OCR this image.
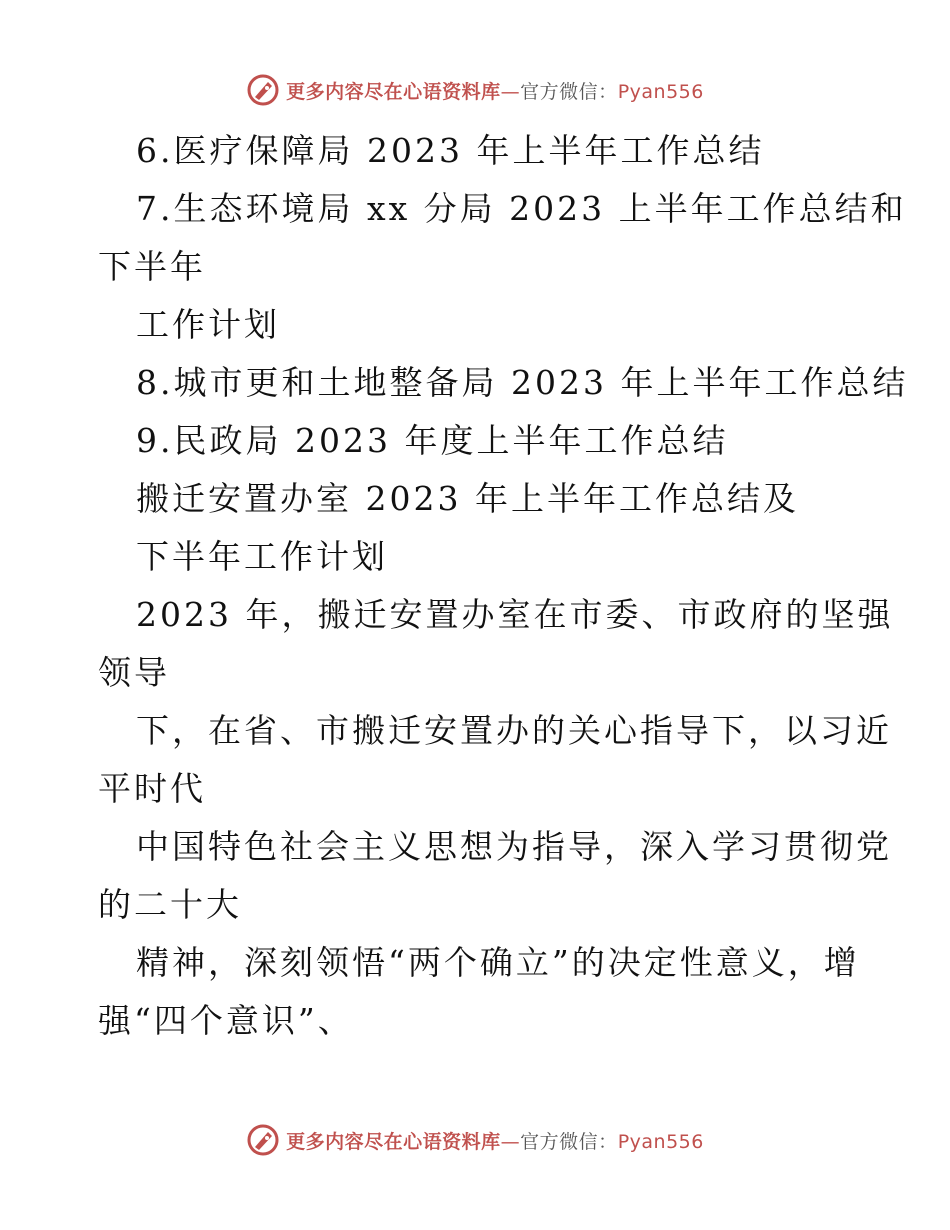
更多内容尽在心语资料库—官方微信：Pyan556
6.医疗保障局 2023 年上半年工作总结
7.生态环境局 xx 分局 2023 上半年工作总结和
下半年
工作计划
8.城市更和土地整备局 2023 年上半年工作总结
9.民政局 2023 年度上半年工作总结
搬迁安置办室 2023 年上半年工作总结及
下半年工作计划
2023 年，搬迁安置办室在市委、市政府的坚强
领导
下，在省、市搬迁安置办的关心指导下，以习近
平时代
中国特色社会主义思想为指导，深入学习贯彻党
的二十大
精神，深刻领悟“两个确立”的决定性意义，增
强“四个意识”、
更多内容尽在心语资料库—官方微信：Pyan556
